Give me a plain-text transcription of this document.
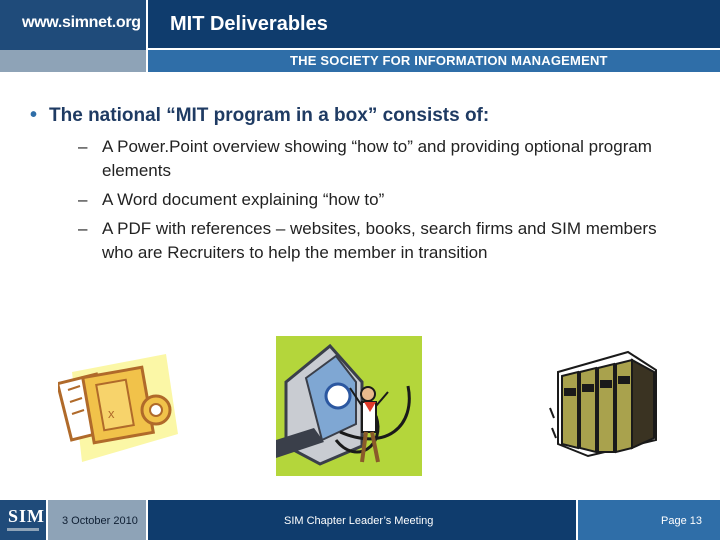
www.simnet.org MIT Deliverables
THE SOCIETY FOR INFORMATION MANAGEMENT
• The national “MIT program in a box” consists of:
– A Power.Point overview showing “how to” and providing optional program elements
– A Word document explaining “how to”
– A PDF with references – websites, books, search firms and SIM members who are Recruiters to help the member in transition
x
SIM 3 October 2010	SIM Chapter Leader’s Meeting	Page 13
